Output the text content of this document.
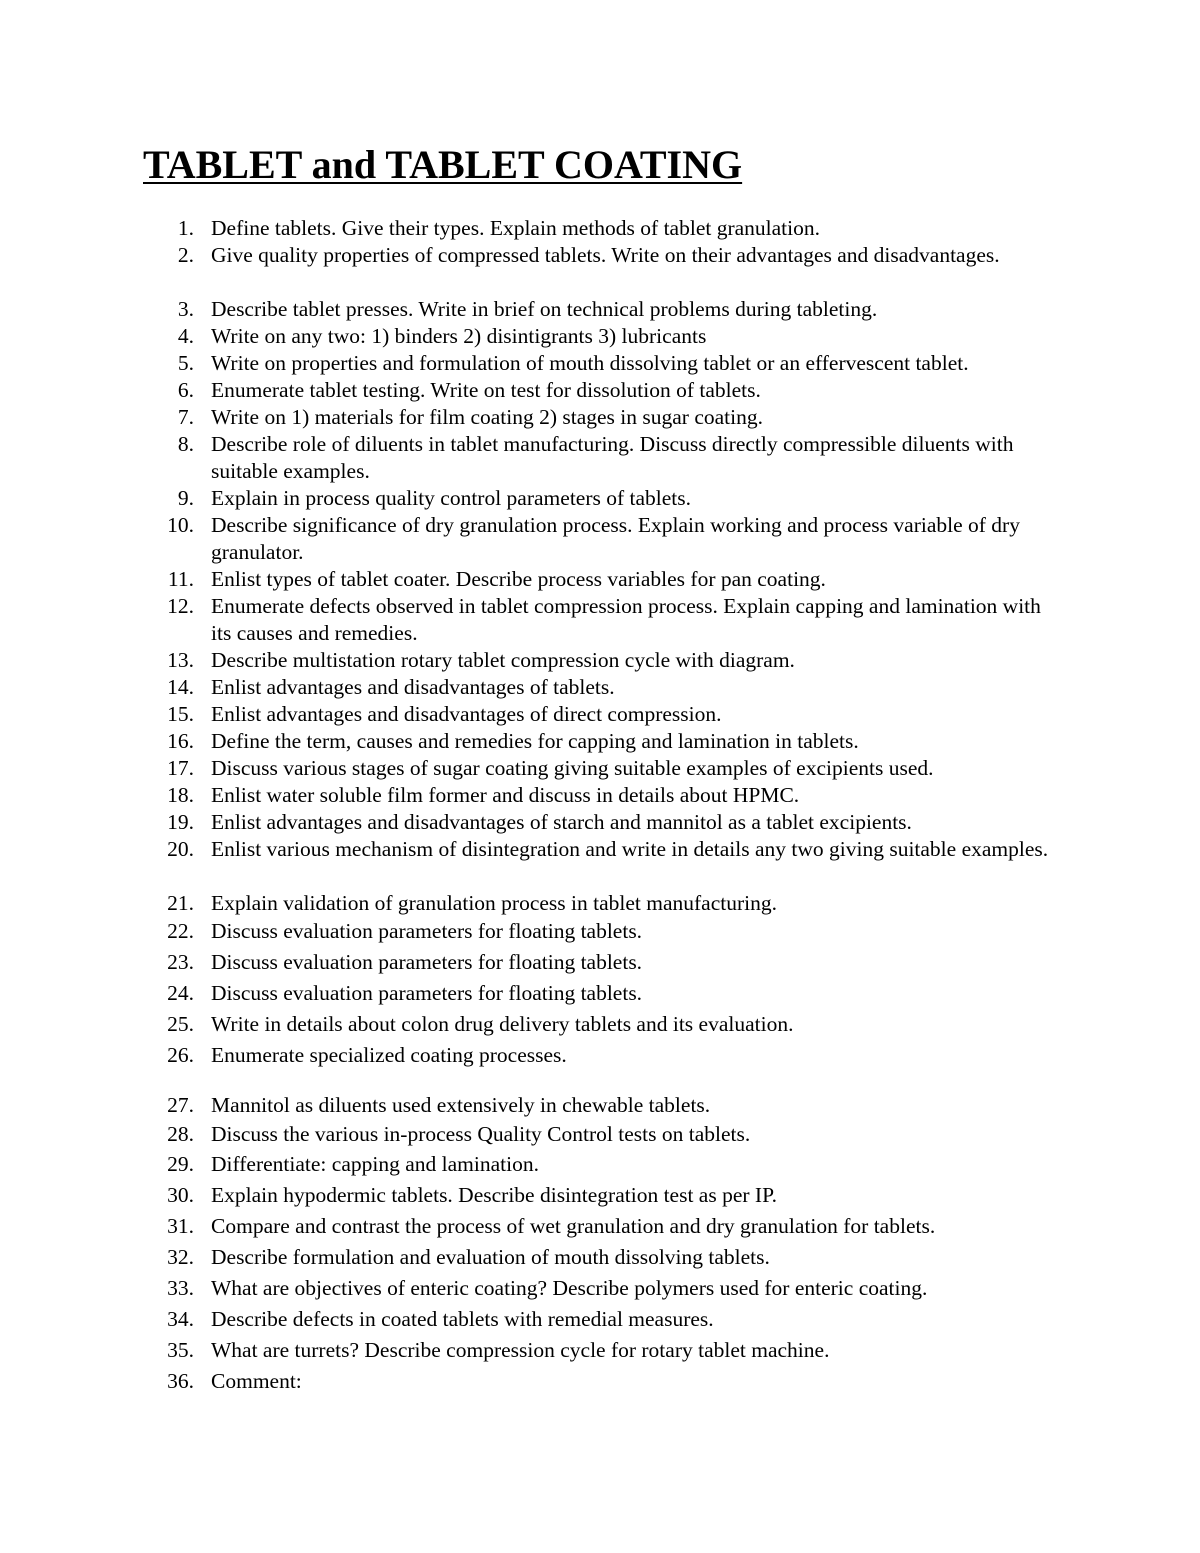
TABLET and TABLET COATING
1. Define tablets. Give their types. Explain methods of tablet granulation.
2. Give quality properties of compressed tablets. Write on their advantages and disadvantages.
3. Describe tablet presses. Write in brief on technical problems during tableting.
4. Write on any two: 1) binders 2) disintigrants 3) lubricants
5. Write on properties and formulation of mouth dissolving tablet or an effervescent tablet.
6. Enumerate tablet testing. Write on test for dissolution of tablets.
7. Write on 1) materials for film coating 2) stages in sugar coating.
8. Describe role of diluents in tablet manufacturing. Discuss directly compressible diluents with suitable examples.
9. Explain in process quality control parameters of tablets.
10. Describe significance of dry granulation process. Explain working and process variable of dry granulator.
11. Enlist types of tablet coater. Describe process variables for pan coating.
12. Enumerate defects observed in tablet compression process. Explain capping and lamination with its causes and remedies.
13. Describe multistation rotary tablet compression cycle with diagram.
14. Enlist advantages and disadvantages of tablets.
15. Enlist advantages and disadvantages of direct compression.
16. Define the term, causes and remedies for capping and lamination in tablets.
17. Discuss various stages of sugar coating giving suitable examples of excipients used.
18. Enlist water soluble film former and discuss in details about HPMC.
19. Enlist advantages and disadvantages of starch and mannitol as a tablet excipients.
20. Enlist various mechanism of disintegration and write in details any two giving suitable examples.
21. Explain validation of granulation process in tablet manufacturing.
22. Discuss evaluation parameters for floating tablets.
23. Discuss evaluation parameters for floating tablets.
24. Discuss evaluation parameters for floating tablets.
25. Write in details about colon drug delivery tablets and its evaluation.
26. Enumerate specialized coating processes.
27. Mannitol as diluents used extensively in chewable tablets.
28. Discuss the various in-process Quality Control tests on tablets.
29. Differentiate: capping and lamination.
30. Explain hypodermic tablets. Describe disintegration test as per IP.
31. Compare and contrast the process of wet granulation and dry granulation for tablets.
32. Describe formulation and evaluation of mouth dissolving tablets.
33. What are objectives of enteric coating? Describe polymers used for enteric coating.
34. Describe defects in coated tablets with remedial measures.
35. What are turrets? Describe compression cycle for rotary tablet machine.
36. Comment:
